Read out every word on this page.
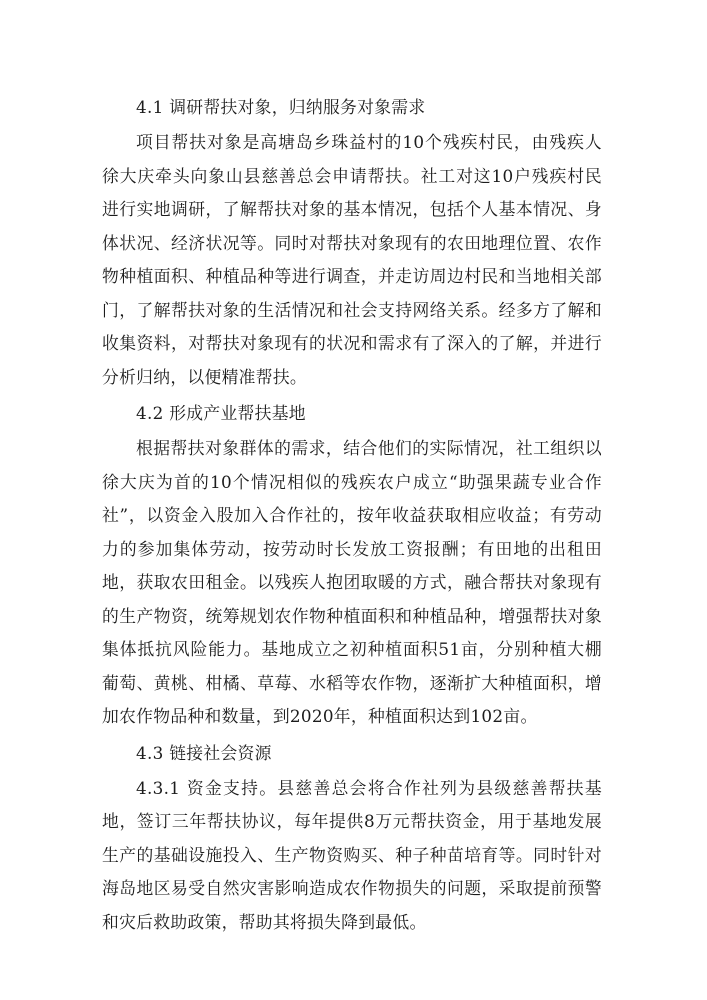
4.1 调研帮扶对象，归纳服务对象需求

项目帮扶对象是高塘岛乡珠益村的10个残疾村民，由残疾人徐大庆牵头向象山县慈善总会申请帮扶。社工对这10户残疾村民进行实地调研，了解帮扶对象的基本情况，包括个人基本情况、身体状况、经济状况等。同时对帮扶对象现有的农田地理位置、农作物种植面积、种植品种等进行调查，并走访周边村民和当地相关部门，了解帮扶对象的生活情况和社会支持网络关系。经多方了解和收集资料，对帮扶对象现有的状况和需求有了深入的了解，并进行分析归纳，以便精准帮扶。

4.2 形成产业帮扶基地

根据帮扶对象群体的需求，结合他们的实际情况，社工组织以徐大庆为首的10个情况相似的残疾农户成立“助强果蔬专业合作社”，以资金入股加入合作社的，按年收益获取相应收益；有劳动力的参加集体劳动，按劳动时长发放工资报酬；有田地的出租田地，获取农田租金。以残疾人抱团取暖的方式，融合帮扶对象现有的生产物资，统筹规划农作物种植面积和种植品种，增强帮扶对象集体抵抗风险能力。基地成立之初种植面积51亩，分别种植大棚葡萄、黄桃、柑橘、草莓、水稻等农作物，逐渐扩大种植面积，增加农作物品种和数量，到2020年，种植面积达到102亩。

4.3 链接社会资源

4.3.1 资金支持。县慈善总会将合作社列为县级慈善帮扶基地，签订三年帮扶协议，每年提供8万元帮扶资金，用于基地发展生产的基础设施投入、生产物资购买、种子种苗培育等。同时针对海岛地区易受自然灾害影响造成农作物损失的问题，采取提前预警和灾后救助政策，帮助其将损失降到最低。
